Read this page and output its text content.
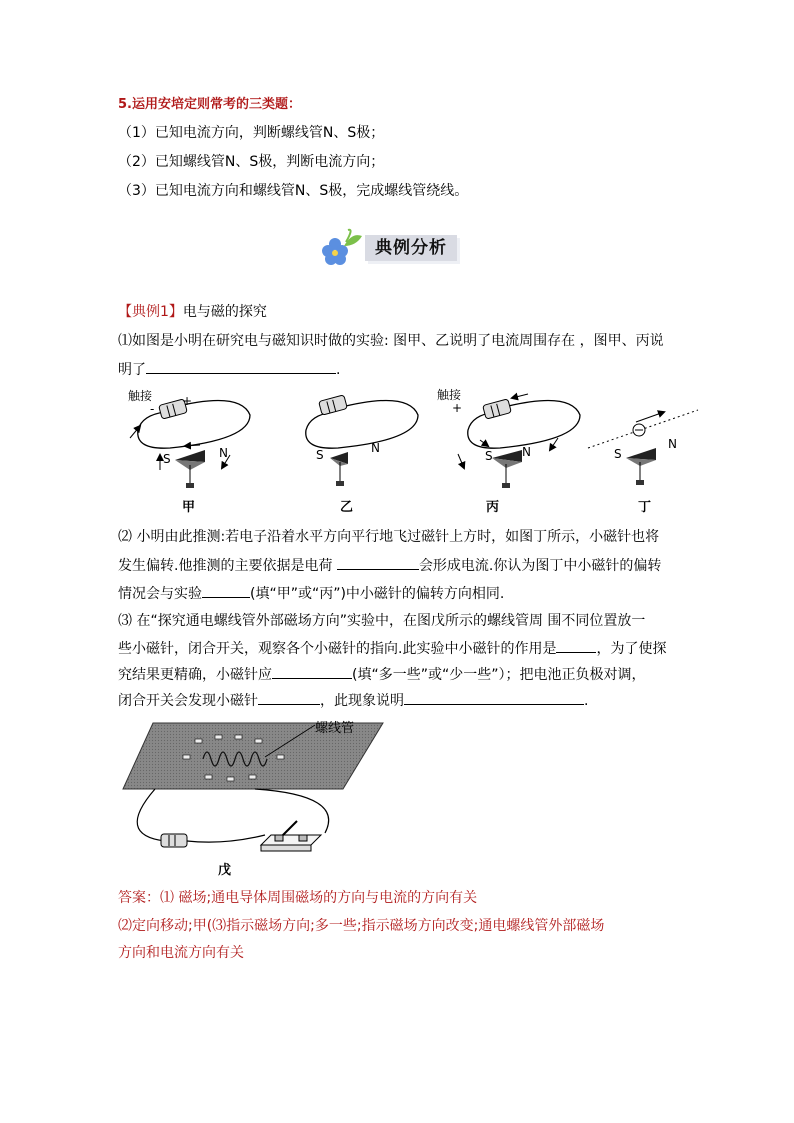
5.运用安培定则常考的三类题：
（1）已知电流方向，判断螺线管N、S极；
（2）已知螺线管N、S极，判断电流方向；
（3）已知电流方向和螺线管N、S极，完成螺线管绕线。
典例分析
【典例1】电与磁的探究
⑴如图是小明在研究电与磁知识时做的实验: 图甲、乙说明了电流周围存在 ，图甲、丙说
明了	.
触接 +
-
S	N	S	N
触接
+
S N	S
N
甲	乙	丙	丁
⑵ 小明由此推测:若电子沿着水平方向平行地飞过磁针上方时，如图丁所示，小磁针也将
发生偏转.他推测的主要依据是电荷	会形成电流.你认为图丁中小磁针的偏转
情况会与实验	(填“甲”或“丙”)中小磁针的偏转方向相同.
⑶ 在“探究通电螺线管外部磁场方向”实验中，在图戊所示的螺线管周 围不同位置放一
些小磁针，闭合开关，观察各个小磁针的指向.此实验中小磁针的作用是	，为了使探
究结果更精确，小磁针应	(填“多一些”或“少一些”）；把电池正负极对调，
闭合开关会发现小磁针	，此现象说明	.
螺线管
戊
答案：⑴ 磁场;通电导体周围磁场的方向与电流的方向有关
⑵定向移动;甲(⑶指示磁场方向;多一些;指示磁场方向改变;通电螺线管外部磁场
方向和电流方向有关
